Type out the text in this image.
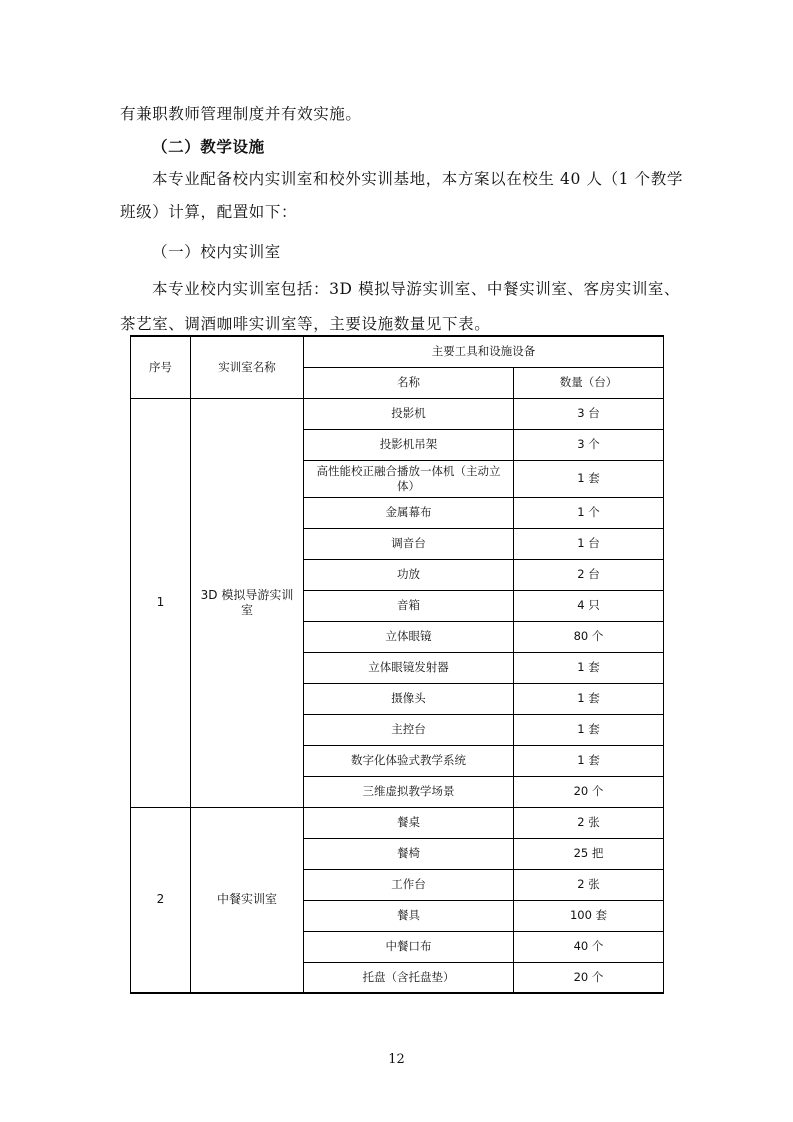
有兼职教师管理制度并有效实施。
（二）教学设施
本专业配备校内实训室和校外实训基地，本方案以在校生 40 人（1 个教学
班级）计算，配置如下：
（一）校内实训室
本专业校内实训室包括：3D 模拟导游实训室、中餐实训室、客房实训室、
茶艺室、调酒咖啡实训室等，主要设施数量见下表。
序号	实训室名称	主要工具和设施设备	
		名称	数量（台）
1	3D 模拟导游实训室	投影机	3 台
		投影机吊架	3 个
		高性能校正融合播放一体机（主动立体）	1 套
		金属幕布	1 个
		调音台	1 台
		功放	2 台
		音箱	4 只
		立体眼镜	80 个
		立体眼镜发射器	1 套
		摄像头	1 套
		主控台	1 套
		数字化体验式教学系统	1 套
		三维虚拟教学场景	20 个
2	中餐实训室	餐桌	2 张
		餐椅	25 把
		工作台	2 张
		餐具	100 套
		中餐口布	40 个
		托盘（含托盘垫）	20 个
12
